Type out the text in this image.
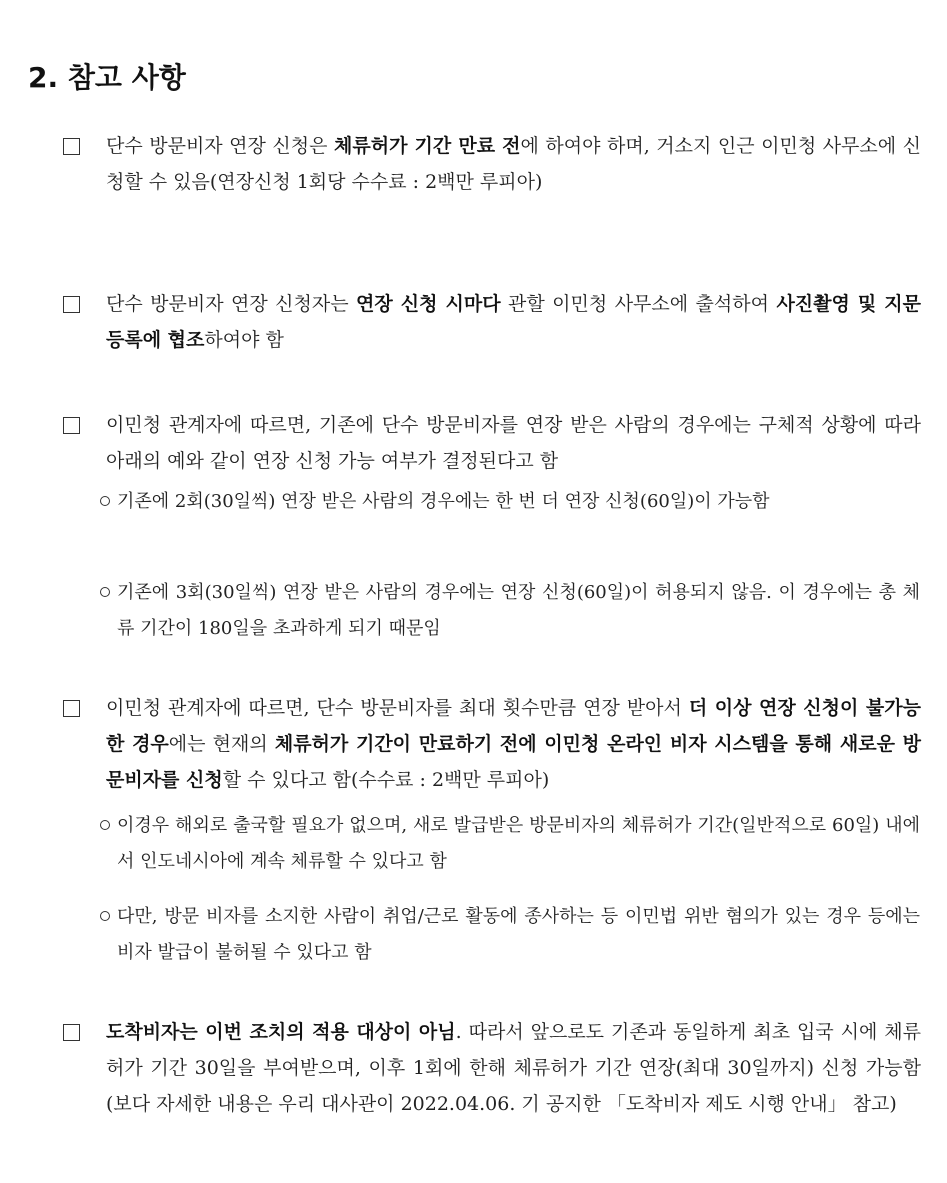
2. 참고 사항
단수 방문비자 연장 신청은 체류허가 기간 만료 전에 하여야 하며, 거소지 인근 이민청 사무소에 신청할 수 있음(연장신청 1회당 수수료 : 2백만 루피아)
단수 방문비자 연장 신청자는 연장 신청 시마다 관할 이민청 사무소에 출석하여 사진촬영 및 지문 등록에 협조하여야 함
이민청 관계자에 따르면, 기존에 단수 방문비자를 연장 받은 사람의 경우에는 구체적 상황에 따라 아래의 예와 같이 연장 신청 가능 여부가 결정된다고 함
기존에 2회(30일씩) 연장 받은 사람의 경우에는 한 번 더 연장 신청(60일)이 가능함
기존에 3회(30일씩) 연장 받은 사람의 경우에는 연장 신청(60일)이 허용되지 않음. 이 경우에는 총 체류 기간이 180일을 초과하게 되기 때문임
이민청 관계자에 따르면, 단수 방문비자를 최대 횟수만큼 연장 받아서 더 이상 연장 신청이 불가능한 경우에는 현재의 체류허가 기간이 만료하기 전에 이민청 온라인 비자 시스템을 통해 새로운 방문비자를 신청할 수 있다고 함(수수료 : 2백만 루피아)
이경우 해외로 출국할 필요가 없으며, 새로 발급받은 방문비자의 체류허가 기간(일반적으로 60일) 내에서 인도네시아에 계속 체류할 수 있다고 함
다만, 방문 비자를 소지한 사람이 취업/근로 활동에 종사하는 등 이민법 위반 혐의가 있는 경우 등에는 비자 발급이 불허될 수 있다고 함
도착비자는 이번 조치의 적용 대상이 아님. 따라서 앞으로도 기존과 동일하게 최초 입국 시에 체류허가 기간 30일을 부여받으며, 이후 1회에 한해 체류허가 기간 연장(최대 30일까지) 신청 가능함 (보다 자세한 내용은 우리 대사관이 2022.04.06. 기 공지한 「도착비자 제도 시행 안내」 참고)
